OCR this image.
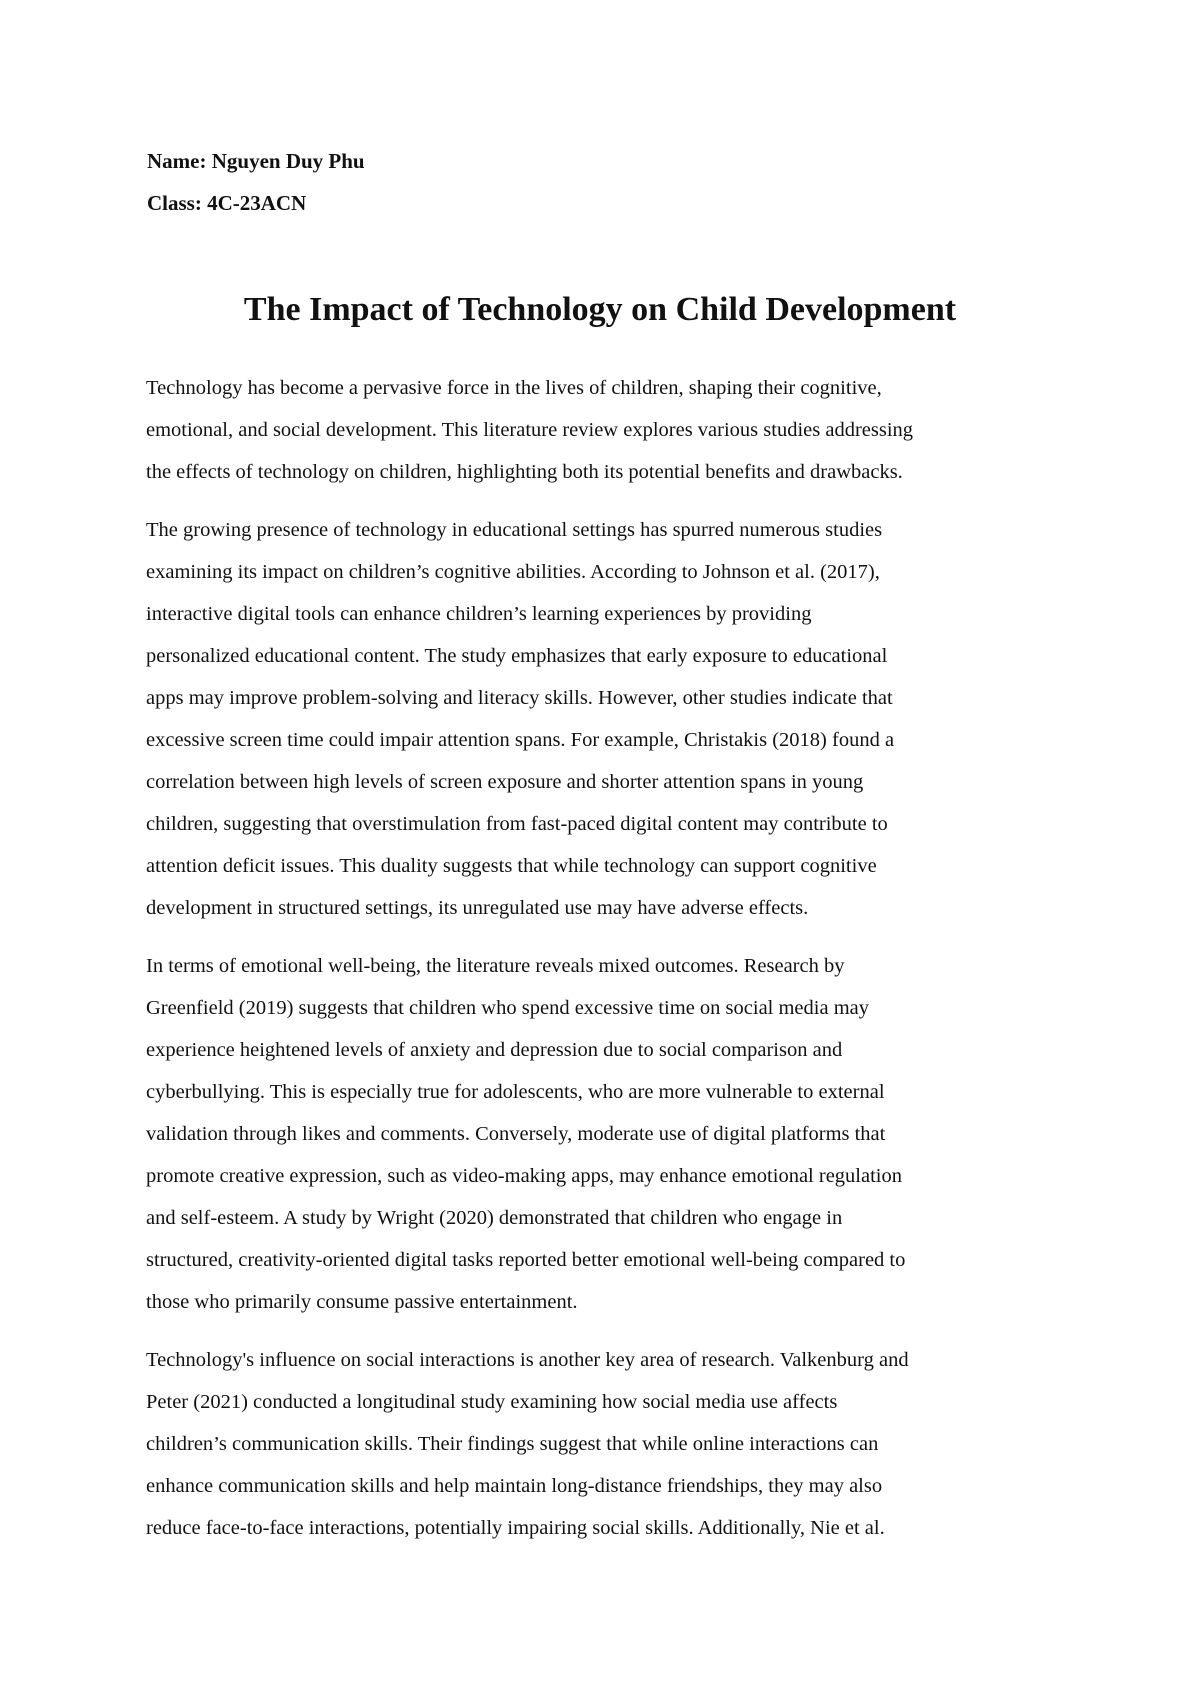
Name: Nguyen Duy Phu
Class: 4C-23ACN
The Impact of Technology on Child Development

Technology has become a pervasive force in the lives of children, shaping their cognitive,
emotional, and social development. This literature review explores various studies addressing
the effects of technology on children, highlighting both its potential benefits and drawbacks.

The growing presence of technology in educational settings has spurred numerous studies
examining its impact on children’s cognitive abilities. According to Johnson et al. (2017),
interactive digital tools can enhance children’s learning experiences by providing
personalized educational content. The study emphasizes that early exposure to educational
apps may improve problem-solving and literacy skills. However, other studies indicate that
excessive screen time could impair attention spans. For example, Christakis (2018) found a
correlation between high levels of screen exposure and shorter attention spans in young
children, suggesting that overstimulation from fast-paced digital content may contribute to
attention deficit issues. This duality suggests that while technology can support cognitive
development in structured settings, its unregulated use may have adverse effects.

In terms of emotional well-being, the literature reveals mixed outcomes. Research by
Greenfield (2019) suggests that children who spend excessive time on social media may
experience heightened levels of anxiety and depression due to social comparison and
cyberbullying. This is especially true for adolescents, who are more vulnerable to external
validation through likes and comments. Conversely, moderate use of digital platforms that
promote creative expression, such as video-making apps, may enhance emotional regulation
and self-esteem. A study by Wright (2020) demonstrated that children who engage in
structured, creativity-oriented digital tasks reported better emotional well-being compared to
those who primarily consume passive entertainment.

Technology's influence on social interactions is another key area of research. Valkenburg and
Peter (2021) conducted a longitudinal study examining how social media use affects
children’s communication skills. Their findings suggest that while online interactions can
enhance communication skills and help maintain long-distance friendships, they may also
reduce face-to-face interactions, potentially impairing social skills. Additionally, Nie et al.
